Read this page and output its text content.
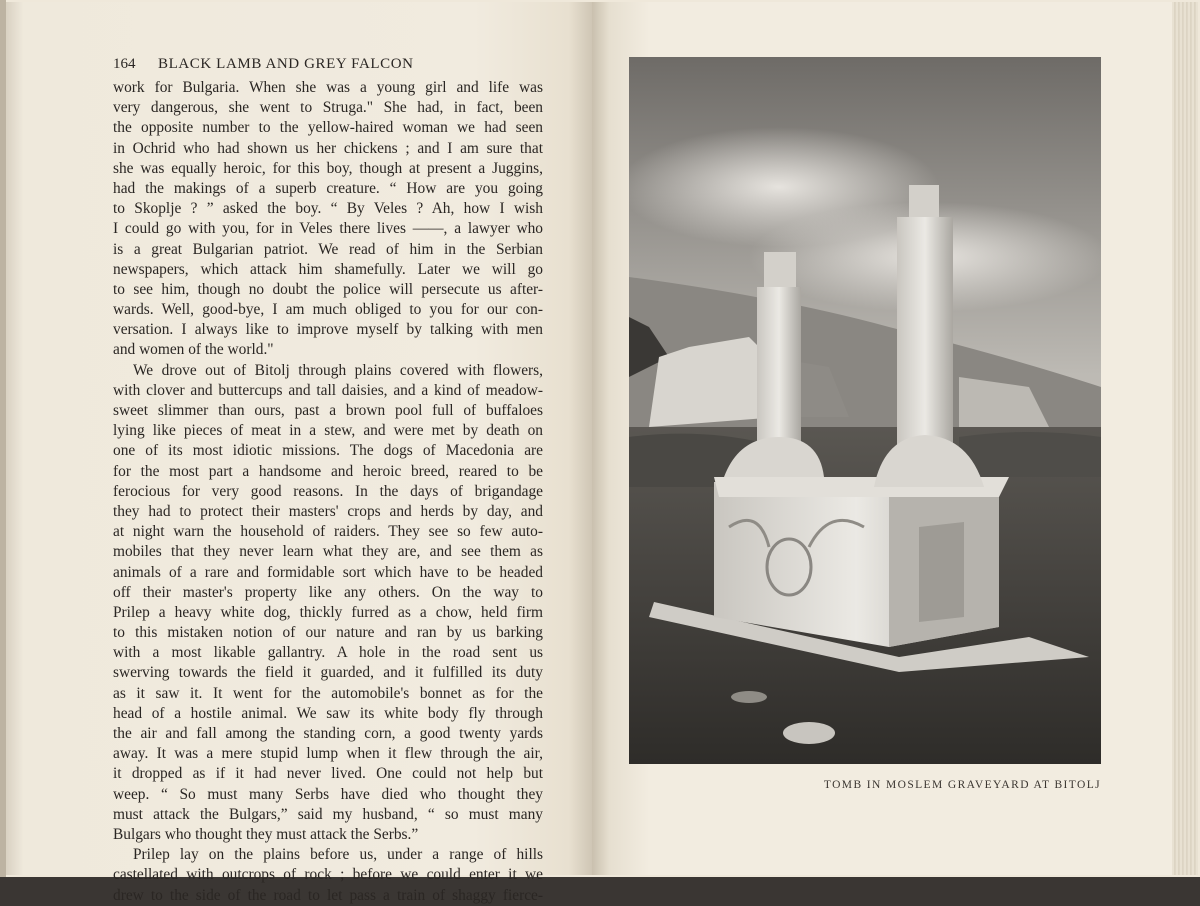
164 BLACK LAMB AND GREY FALCON
work for Bulgaria. When she was a young girl and life was
very dangerous, she went to Struga." She had, in fact, been
the opposite number to the yellow-haired woman we had seen
in Ochrid who had shown us her chickens ; and I am sure that
she was equally heroic, for this boy, though at present a Juggins,
had the makings of a superb creature. “ How are you going
to Skoplje ? ” asked the boy. “ By Veles ? Ah, how I wish
I could go with you, for in Veles there lives ——, a lawyer who
is a great Bulgarian patriot. We read of him in the Serbian
newspapers, which attack him shamefully. Later we will go
to see him, though no doubt the police will persecute us after-
wards. Well, good-bye, I am much obliged to you for our con-
versation. I always like to improve myself by talking with men
and women of the world."
We drove out of Bitolj through plains covered with flowers,
with clover and buttercups and tall daisies, and a kind of meadow-
sweet slimmer than ours, past a brown pool full of buffaloes
lying like pieces of meat in a stew, and were met by death on
one of its most idiotic missions. The dogs of Macedonia are
for the most part a handsome and heroic breed, reared to be
ferocious for very good reasons. In the days of brigandage
they had to protect their masters' crops and herds by day, and
at night warn the household of raiders. They see so few auto-
mobiles that they never learn what they are, and see them as
animals of a rare and formidable sort which have to be headed
off their master's property like any others. On the way to
Prilep a heavy white dog, thickly furred as a chow, held firm
to this mistaken notion of our nature and ran by us barking
with a most likable gallantry. A hole in the road sent us
swerving towards the field it guarded, and it fulfilled its duty
as it saw it. It went for the automobile's bonnet as for the
head of a hostile animal. We saw its white body fly through
the air and fall among the standing corn, a good twenty yards
away. It was a mere stupid lump when it flew through the air,
it dropped as if it had never lived. One could not help but
weep. “ So must many Serbs have died who thought they
must attack the Bulgars,” said my husband, “ so must many
Bulgars who thought they must attack the Serbs.”
Prilep lay on the plains before us, under a range of hills
castellated with outcrops of rock ; before we could enter it we
drew to the side of the road to let pass a train of shaggy fierce-
TOMB IN MOSLEM GRAVEYARD AT BITOLJ
